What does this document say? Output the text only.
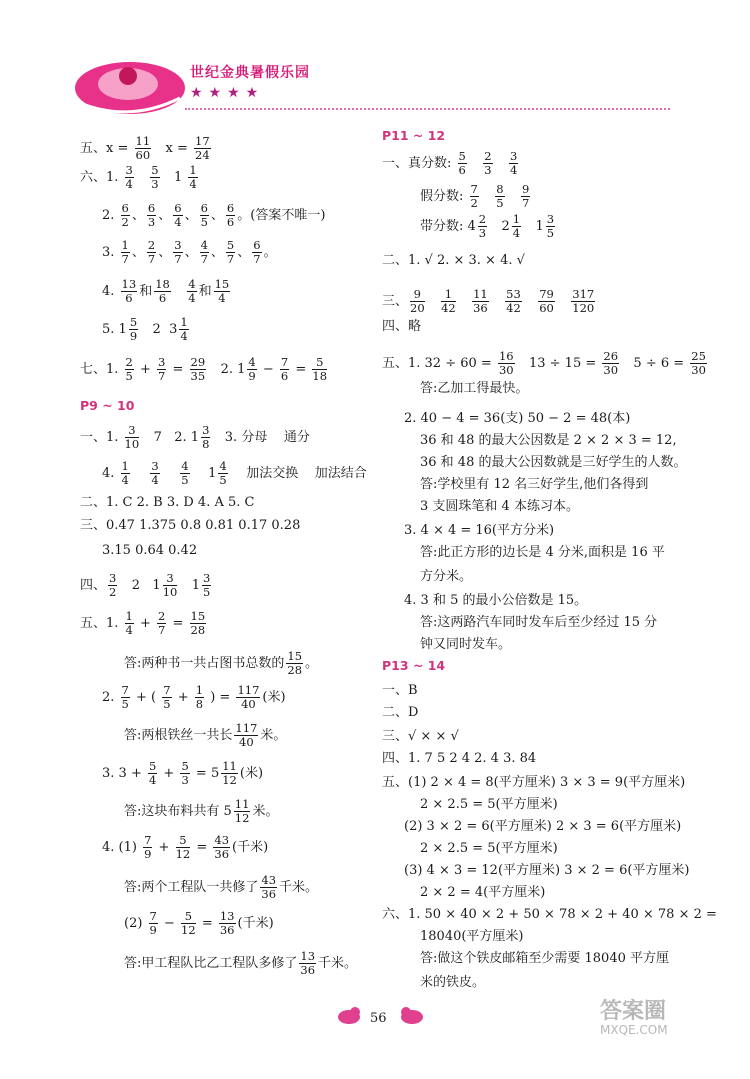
世纪金典暑假乐园
★★★★
五、$x = \frac{11}{60}$ $x = \frac{17}{24}$
六、1. $\frac{3}{4}$
$\frac{5}{3} 1 \frac{1}{4}$
2. $\frac{6}{2}$ 、 $\frac{6}{3}$ 、 $\frac{6}{4}$ 、 $\frac{6}{5}$ 、 $\frac{6}{6}$ 。(答案不唯一)
3. $\frac{1}{7}$ 、 $\frac{2}{7}$ 、 $\frac{3}{7}$ 、 $\frac{4}{7}$ 、 $\frac{5}{7}$ 、 $\frac{6}{7}$ 。
4. $\frac{13}{6}$ 和 $\frac{18}{6}$
$\frac{4}{4}$ 和 $\frac{15}{4}$
5. $1 \frac{5}{9} 2$  $3 \frac{1}{4}$
七、1. $\frac{2}{5} + \frac{3}{7} = \frac{29}{35} 2$. $1 \frac{4}{9} - \frac{7}{6} = \frac{5}{18}$
P9 ~ 10
一、1. $\frac{3}{10} 7$   2. $1 \frac{3}{8} 3$. 分母    通分
4. $\frac{1}{4}$
$\frac{3}{4}$
$\frac{4}{5} 1 \frac{4}{5}$ 加法交换    加法结合
二、1. C 2. B 3. D 4. A 5. C
三、0.47 1.375 0.8 0.81 0.17 0.28
3.15 0.64 0.42
四、 $\frac{3}{2} 2$   $1 \frac{3}{10} 1 \frac{3}{5}$
五、1. $\frac{1}{4} + \frac{2}{7} = \frac{15}{28}$
答:两种书一共占图书总数的 $\frac{15}{28}$ 。
2. $\frac{7}{5}$ + ( $\frac{7}{5} + \frac{1}{8}$ ) = $\frac{117}{40}$ (米)
答:两根铁丝一共长 $\frac{117}{40}$ 米。
3. $3 + \frac{5}{4} + \frac{5}{3} = 5 \frac{11}{12}$ (米)
答:这块布料共有 $5 \frac{11}{12}$ 米。
4. $(1) \frac{7}{9} + \frac{5}{12} = \frac{43}{36}$ (千米)
答:两个工程队一共修了 $\frac{43}{36}$ 千米。
$(2) \frac{7}{9} - \frac{5}{12} = \frac{13}{36}$ (千米)
答:甲工程队比乙工程队多修了 $\frac{13}{36}$ 千米。
P11 ~ 12
一、真分数: $\frac{5}{6}$
$\frac{2}{3}$
$\frac{3}{4}$
假分数: $\frac{7}{2}$
$\frac{8}{5}$
$\frac{9}{7}$
带分数: $4 \frac{2}{3} 2 \frac{1}{4} 1 \frac{3}{5}$
二、1. √ 2. × 3. × 4. √
三、 $\frac{9}{20}$
$\frac{1}{42}$
$\frac{11}{36}$
$\frac{53}{42}$
$\frac{79}{60}$
$\frac{317}{120}$
四、略
五、1. $32 \div 60 = \frac{16}{30} 13 \div 15 = \frac{26}{30} 5 \div 6 = \frac{25}{30}$
答:乙加工得最快。
2. 40 − 4 = 36(支) 50 − 2 = 48(本)
36 和 48 的最大公因数是 2 × 2 × 3 = 12,
36 和 48 的最大公因数就是三好学生的人数。
答:学校里有 12 名三好学生,他们各得到
3 支圆珠笔和 4 本练习本。
3. 4 × 4 = 16(平方分米)
答:此正方形的边长是 4 分米,面积是 16 平
方分米。
4. 3 和 5 的最小公倍数是 15。
答:这两路汽车同时发车后至少经过 15 分
钟又同时发车。
P13 ~ 14
一、B
二、D
三、√ × × √
四、1. 7 5 2 4 2. 4 3. 84
五、(1) 2 × 4 = 8(平方厘米) 3 × 3 = 9(平方厘米)
2 × 2.5 = 5(平方厘米)
(2) 3 × 2 = 6(平方厘米) 2 × 3 = 6(平方厘米)
2 × 2.5 = 5(平方厘米)
(3) 4 × 3 = 12(平方厘米) 3 × 2 = 6(平方厘米)
2 × 2 = 4(平方厘米)
六、1. 50 × 40 × 2 + 50 × 78 × 2 + 40 × 78 × 2 =
18040(平方厘米)
答:做这个铁皮邮箱至少需要 18040 平方厘
米的铁皮。
56	答案圈
MXQE.COM
